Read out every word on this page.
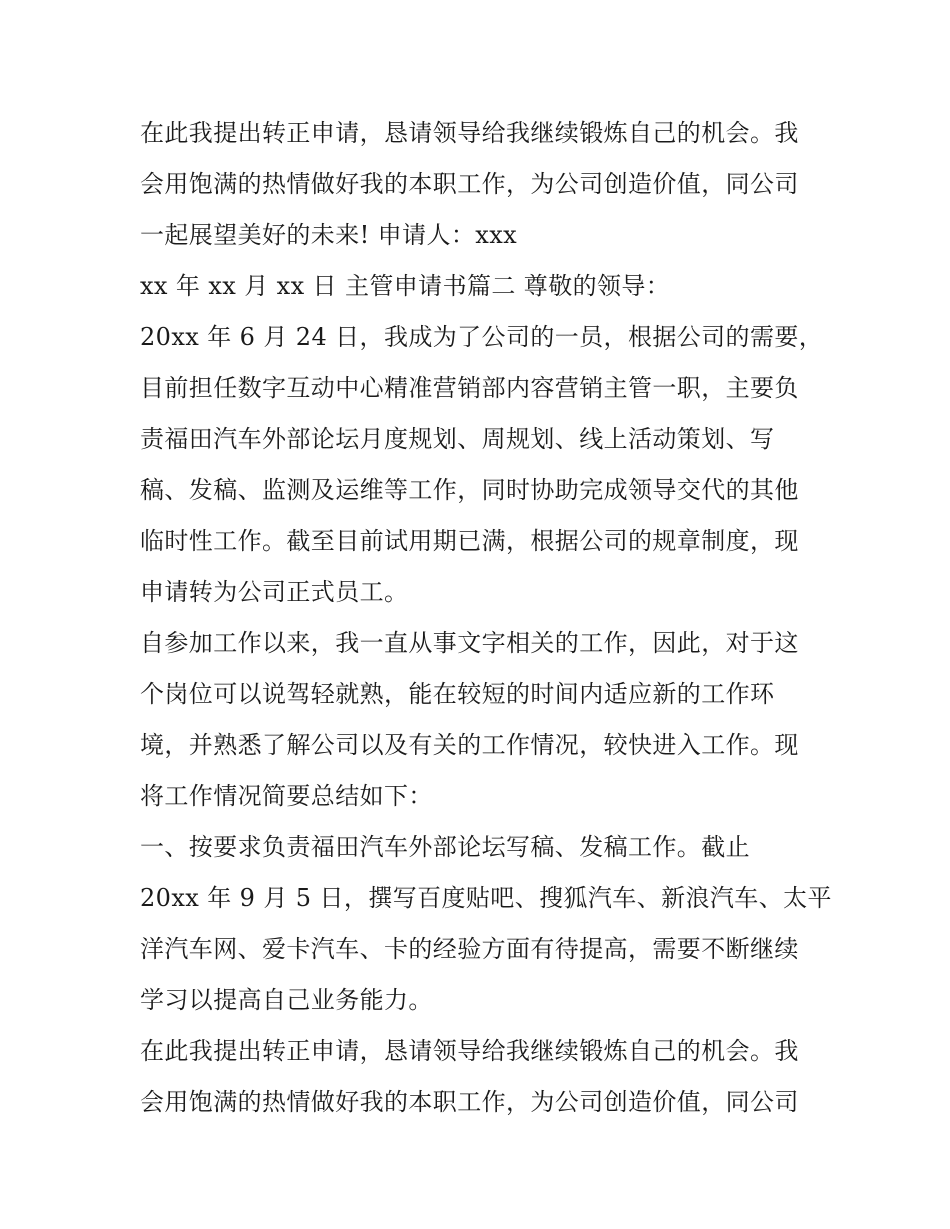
在此我提出转正申请，恳请领导给我继续锻炼自己的机会。我
会用饱满的热情做好我的本职工作，为公司创造价值，同公司
一起展望美好的未来! 申请人：xxx
xx 年 xx 月 xx 日 主管申请书篇二 尊敬的领导：
20xx 年 6 月 24 日，我成为了公司的一员，根据公司的需要，
目前担任数字互动中心精准营销部内容营销主管一职，主要负
责福田汽车外部论坛月度规划、周规划、线上活动策划、写
稿、发稿、监测及运维等工作，同时协助完成领导交代的其他
临时性工作。截至目前试用期已满，根据公司的规章制度，现
申请转为公司正式员工。
自参加工作以来，我一直从事文字相关的工作，因此，对于这
个岗位可以说驾轻就熟，能在较短的时间内适应新的工作环
境，并熟悉了解公司以及有关的工作情况，较快进入工作。现
将工作情况简要总结如下：
一、按要求负责福田汽车外部论坛写稿、发稿工作。截止
20xx 年 9 月 5 日，撰写百度贴吧、搜狐汽车、新浪汽车、太平
洋汽车网、爱卡汽车、卡的经验方面有待提高，需要不断继续
学习以提高自己业务能力。
在此我提出转正申请，恳请领导给我继续锻炼自己的机会。我
会用饱满的热情做好我的本职工作，为公司创造价值，同公司
